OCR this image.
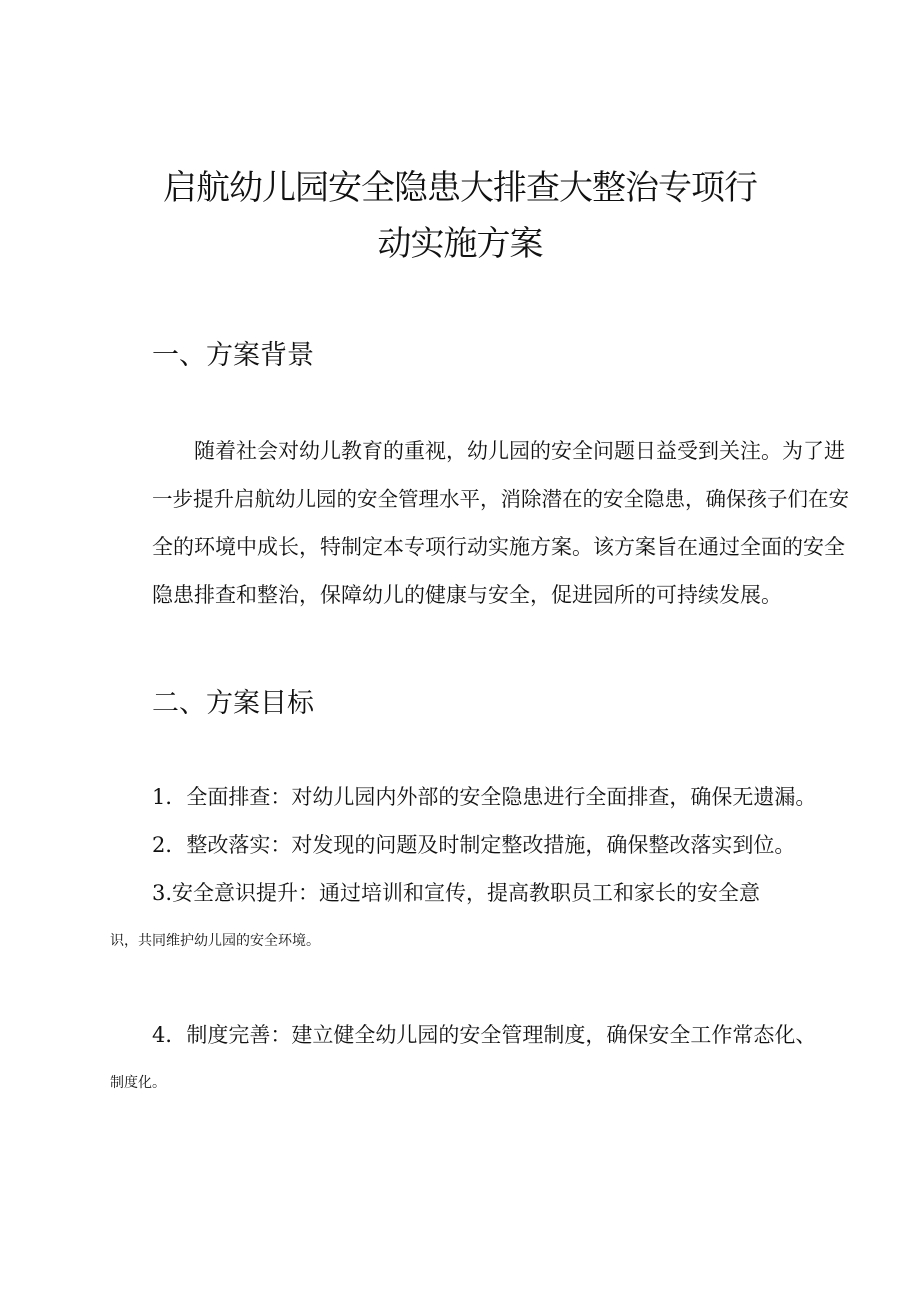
启航幼儿园安全隐患大排查大整治专项行
动实施方案
一、方案背景

随着社会对幼儿教育的重视，幼儿园的安全问题日益受到关注。为了进
一步提升启航幼儿园的安全管理水平，消除潜在的安全隐患，确保孩子们在安
全的环境中成长，特制定本专项行动实施方案。该方案旨在通过全面的安全
隐患排查和整治，保障幼儿的健康与安全，促进园所的可持续发展。

二、方案目标

1．全面排查：对幼儿园内外部的安全隐患进行全面排查，确保无遗漏。

2．整改落实：对发现的问题及时制定整改措施，确保整改落实到位。

3.安全意识提升：通过培训和宣传，提高教职员工和家长的安全意
识，共同维护幼儿园的安全环境。

4．制度完善：建立健全幼儿园的安全管理制度，确保安全工作常态化、
制度化。
